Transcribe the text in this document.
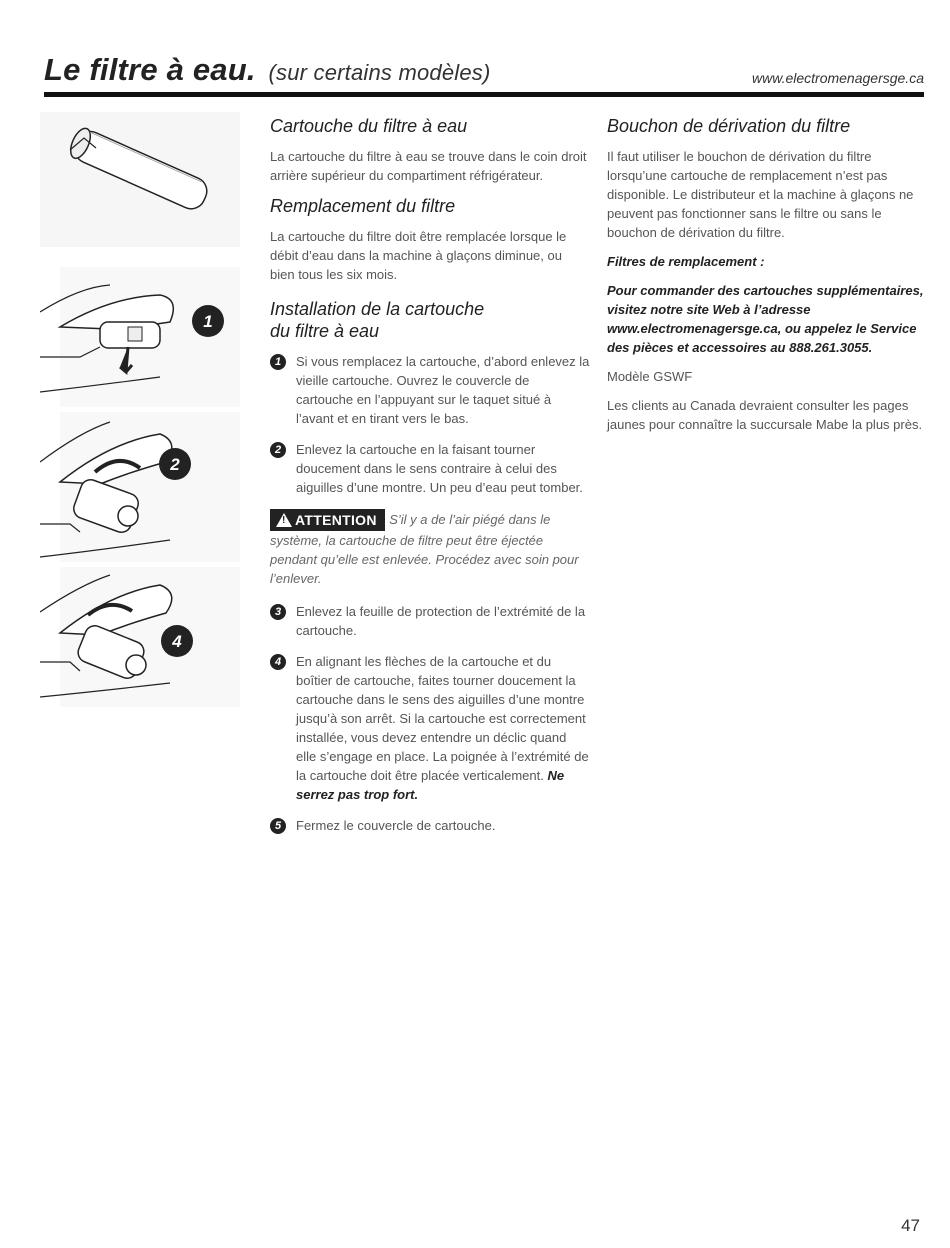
Le filtre à eau. (sur certains modèles)	www.electromenagersge.ca
1
2
4
Cartouche du filtre à eau

La cartouche du filtre à eau se trouve dans le coin droit arrière supérieur du compartiment réfrigérateur.

Remplacement du filtre

La cartouche du filtre doit être remplacée lorsque le débit d’eau dans la machine à glaçons diminue, ou bien tous les six mois.

Installation de la cartouche
du filtre à eau
1	Si vous remplacez la cartouche, d’abord enlevez la vieille cartouche. Ouvrez le couvercle de cartouche en l’appuyant sur le taquet situé à l’avant et en tirant vers le bas.
2	Enlevez la cartouche en la faisant tourner doucement dans le sens contraire à celui des aiguilles d’une montre. Un peu d’eau peut tomber.
!ATTENTION S’il y a de l’air piégé dans le système, la cartouche de filtre peut être éjectée pendant qu’elle est enlevée. Procédez avec soin pour l’enlever.
3	Enlevez la feuille de protection de l’extrémité de la cartouche.
4	En alignant les flèches de la cartouche et du boîtier de cartouche, faites tourner doucement la cartouche dans le sens des aiguilles d’une montre jusqu’à son arrêt. Si la cartouche est correctement installée, vous devez entendre un déclic quand elle s’engage en place. La poignée à l’extrémité de la cartouche doit être placée verticalement. Ne serrez pas trop fort.
5	Fermez le couvercle de cartouche.
Bouchon de dérivation du filtre

Il faut utiliser le bouchon de dérivation du filtre lorsqu’une cartouche de remplacement n’est pas disponible. Le distributeur et la machine à glaçons ne peuvent pas fonctionner sans le filtre ou sans le bouchon de dérivation du filtre.

Filtres de remplacement :

Pour commander des cartouches supplémentaires, visitez notre site Web à l’adresse www.electromenagersge.ca, ou appelez le Service des pièces et accessoires au 888.261.3055.

Modèle GSWF

Les clients au Canada devraient consulter les pages jaunes pour connaître la succursale Mabe la plus près.

47
